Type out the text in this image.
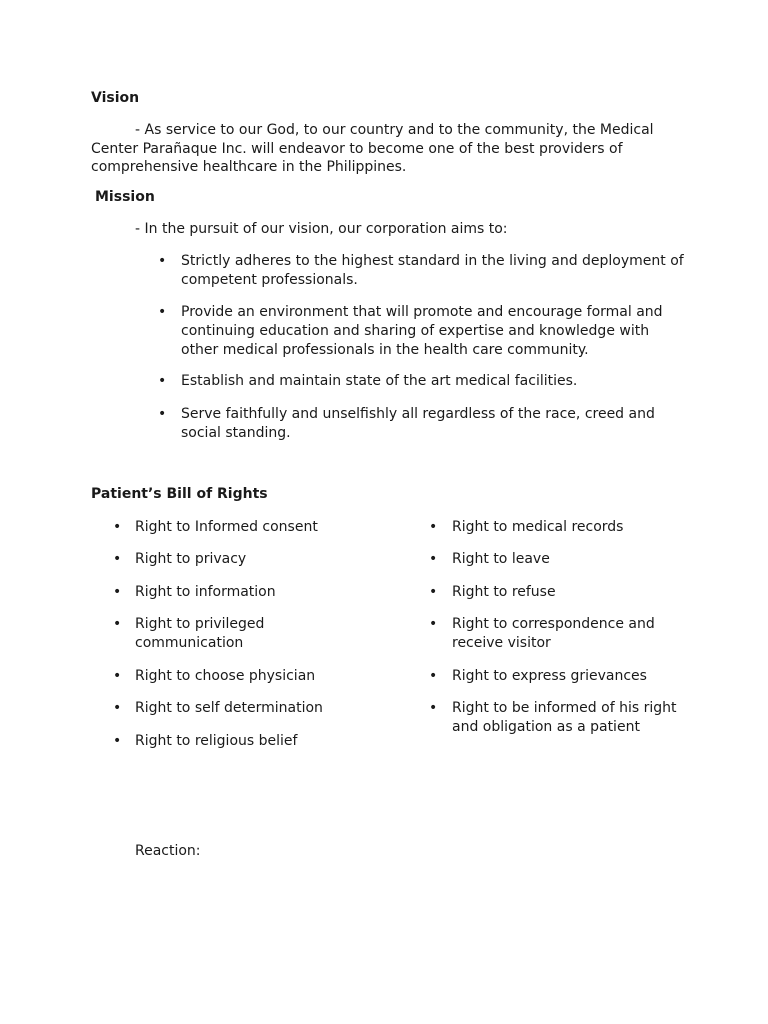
Vision
- As service to our God, to our country and to the community, the Medical
Center Parañaque Inc. will endeavor to become one of the best providers of
comprehensive healthcare in the Philippines.
Mission
- In the pursuit of our vision, our corporation aims to:
• Strictly adheres to the highest standard in the living and deployment of
competent professionals.
• Provide an environment that will promote and encourage formal and
continuing education and sharing of expertise and knowledge with
other medical professionals in the health care community.
• Establish and maintain state of the art medical facilities.
• Serve faithfully and unselfishly all regardless of the race, creed and
social standing.
Patient’s Bill of Rights
• Right to Informed consent
• Right to privacy
• Right to information
• Right to privileged
communication
• Right to choose physician
• Right to self determination
• Right to religious belief
• Right to medical records
• Right to leave
• Right to refuse
• Right to correspondence and
receive visitor
• Right to express grievances
• Right to be informed of his right
and obligation as a patient
Reaction:
